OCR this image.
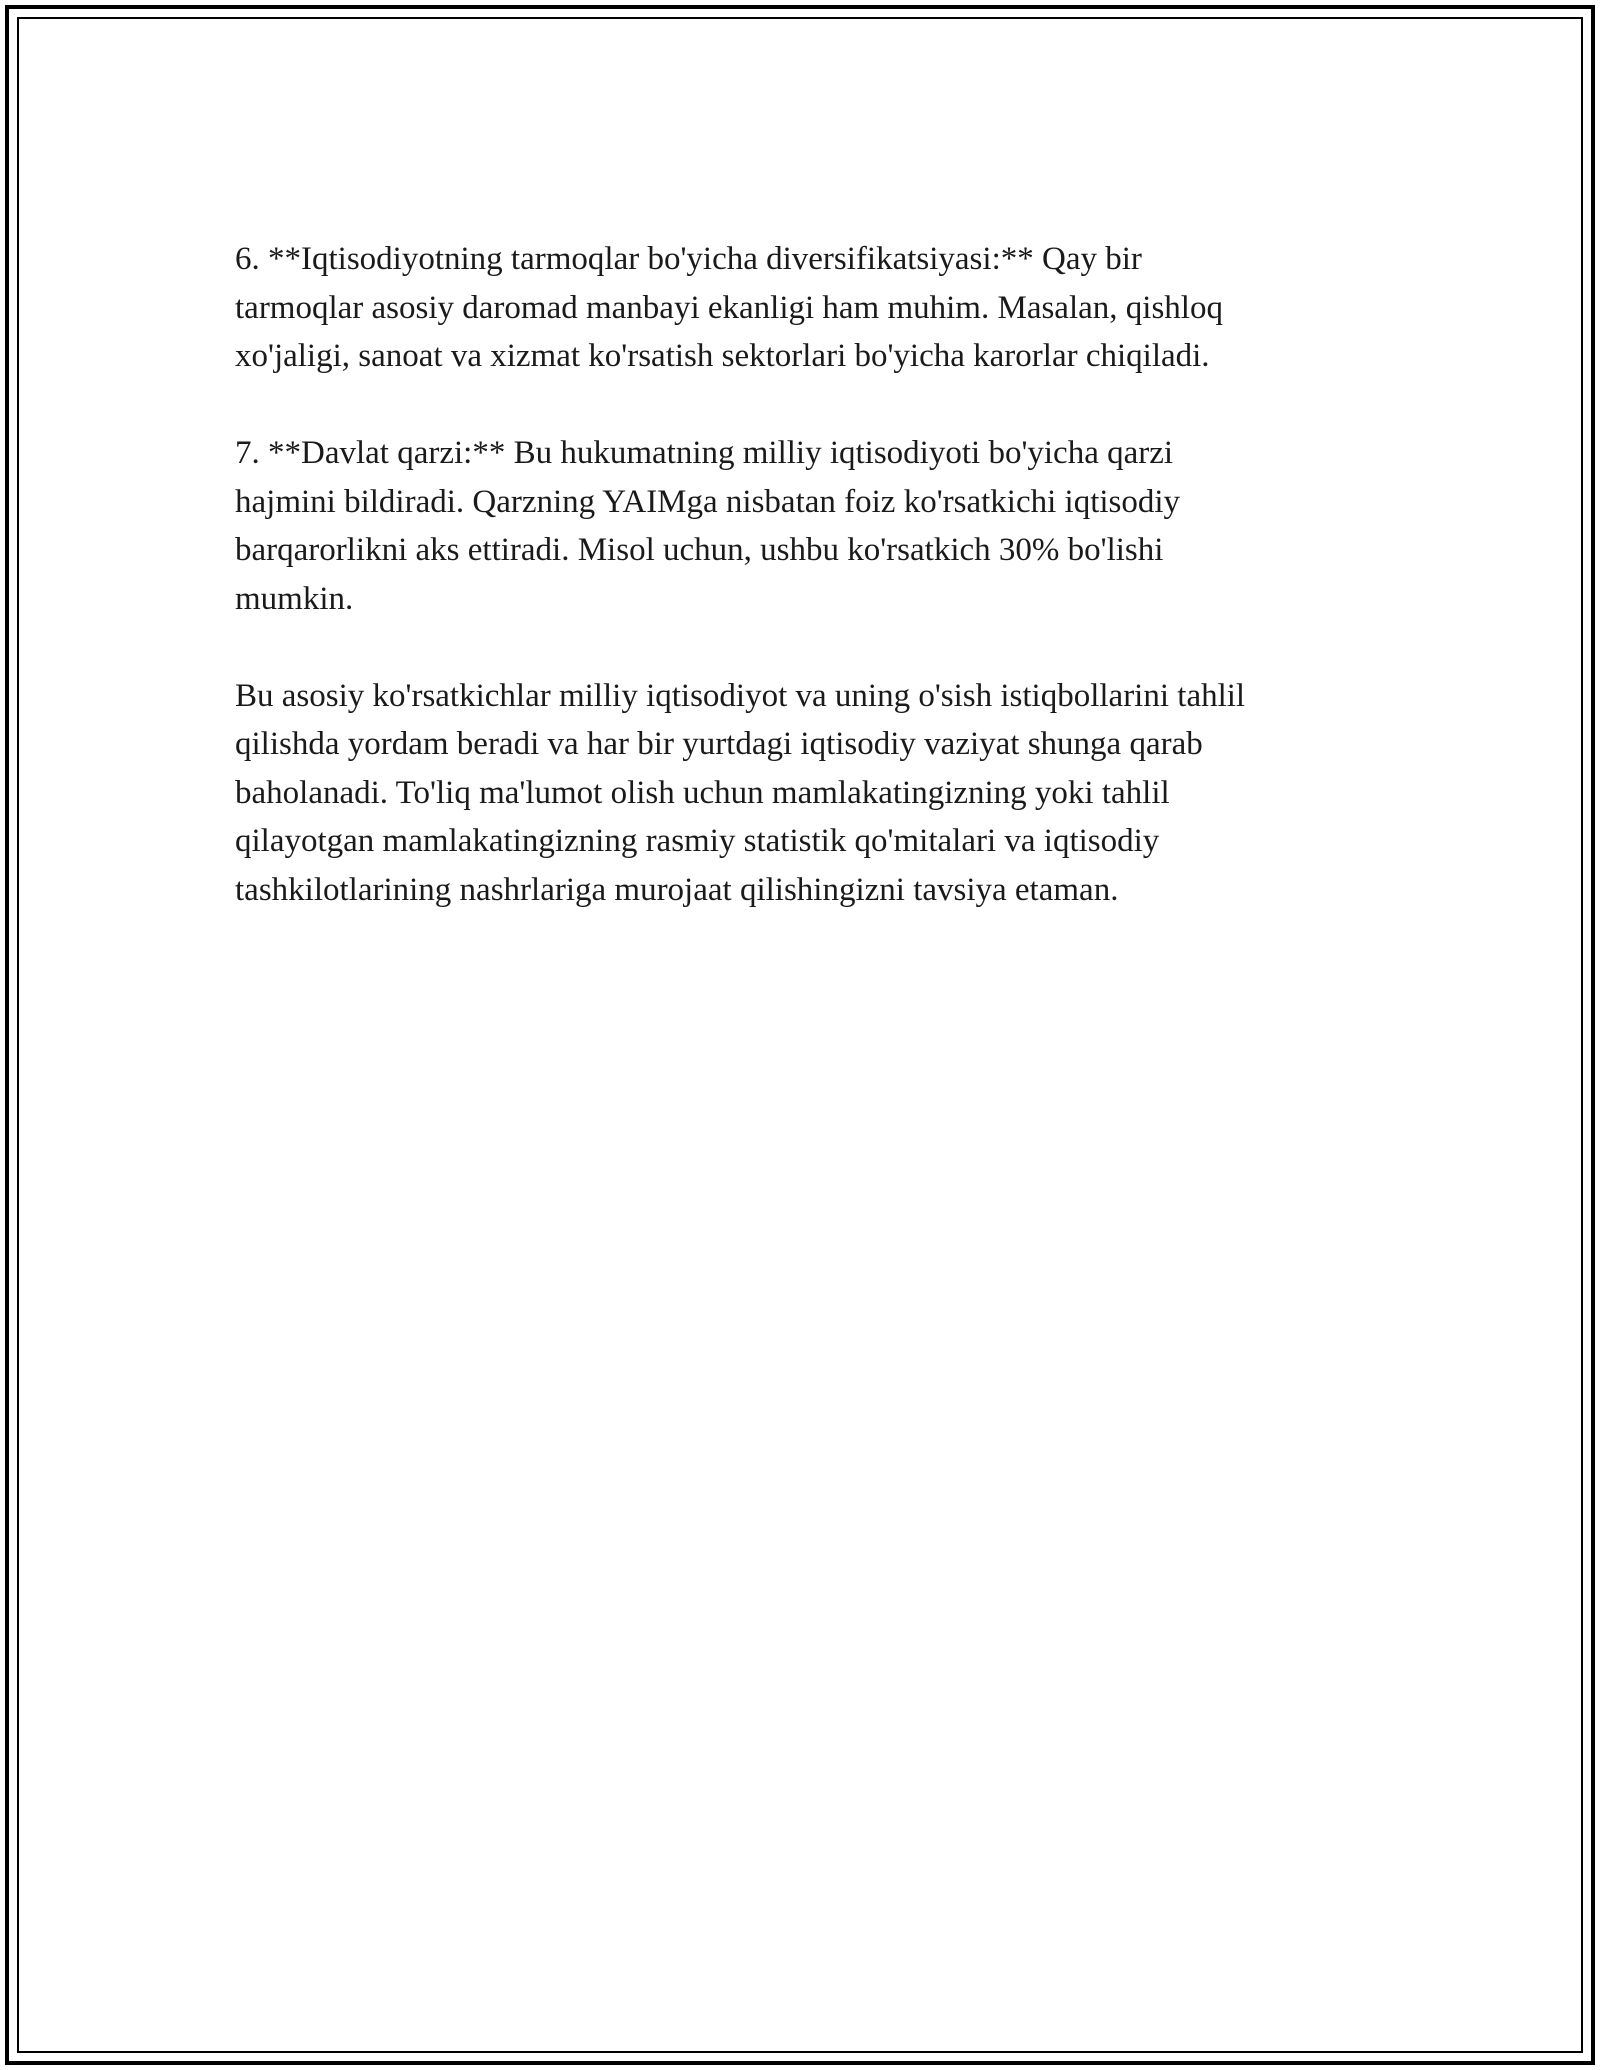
6. **Iqtisodiyotning tarmoqlar bo'yicha diversifikatsiyasi:** Qay bir
tarmoqlar asosiy daromad manbayi ekanligi ham muhim. Masalan, qishloq
xo'jaligi, sanoat va xizmat ko'rsatish sektorlari bo'yicha karorlar chiqiladi.

7. **Davlat qarzi:** Bu hukumatning milliy iqtisodiyoti bo'yicha qarzi
hajmini bildiradi. Qarzning YAIMga nisbatan foiz ko'rsatkichi iqtisodiy
barqarorlikni aks ettiradi. Misol uchun, ushbu ko'rsatkich 30% bo'lishi
mumkin.

Bu asosiy ko'rsatkichlar milliy iqtisodiyot va uning o'sish istiqbollarini tahlil
qilishda yordam beradi va har bir yurtdagi iqtisodiy vaziyat shunga qarab
baholanadi. To'liq ma'lumot olish uchun mamlakatingizning yoki tahlil
qilayotgan mamlakatingizning rasmiy statistik qo'mitalari va iqtisodiy
tashkilotlarining nashrlariga murojaat qilishingizni tavsiya etaman.
